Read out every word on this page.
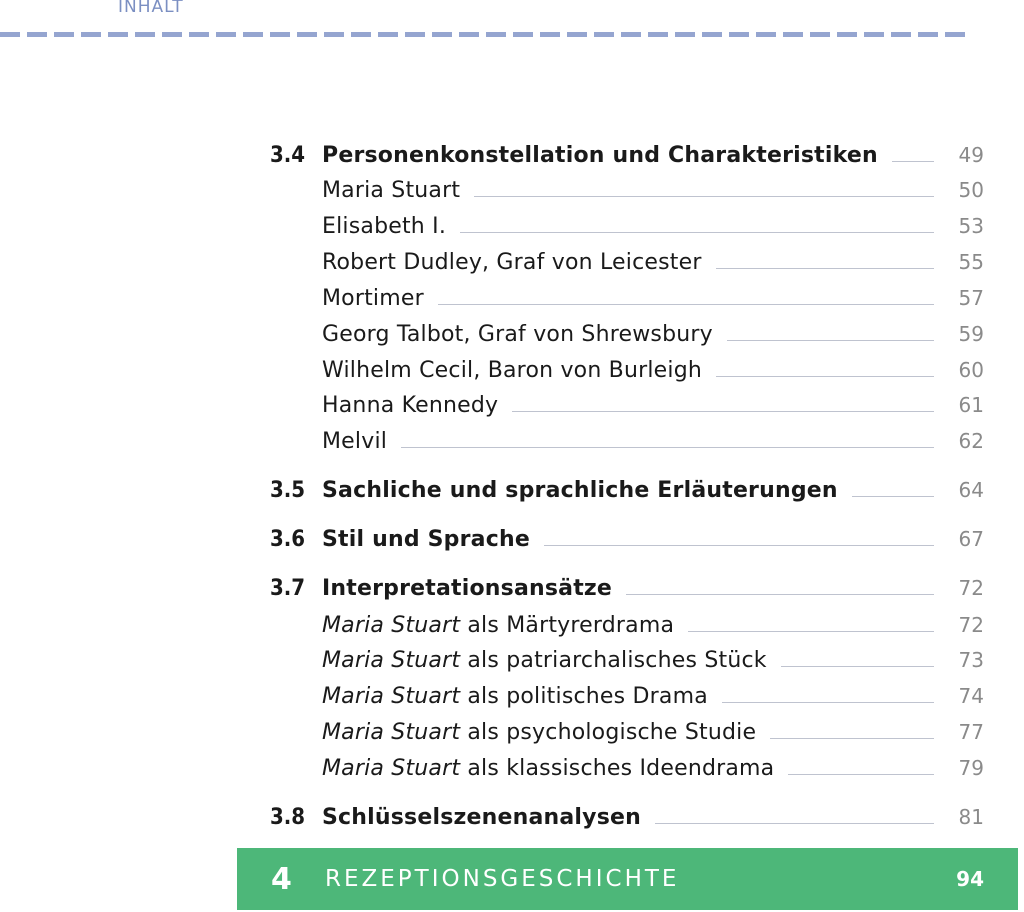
INHALT
3.4 Personenkonstellation und Charakteristiken	49
Maria Stuart	50
Elisabeth I.	53
Robert Dudley, Graf von Leicester	55
Mortimer	57
Georg Talbot, Graf von Shrewsbury	59
Wilhelm Cecil, Baron von Burleigh	60
Hanna Kennedy	61
Melvil	62
3.5 Sachliche und sprachliche Erläuterungen	64
3.6 Stil und Sprache	67
3.7 Interpretationsansätze	72
Maria Stuart als Märtyrerdrama	72
Maria Stuart als patriarchalisches Stück	73
Maria Stuart als politisches Drama	74
Maria Stuart als psychologische Studie	77
Maria Stuart als klassisches Ideendrama	79
3.8 Schlüsselszenenanalysen	81
4 REZEPTIONSGESCHICHTE	94
